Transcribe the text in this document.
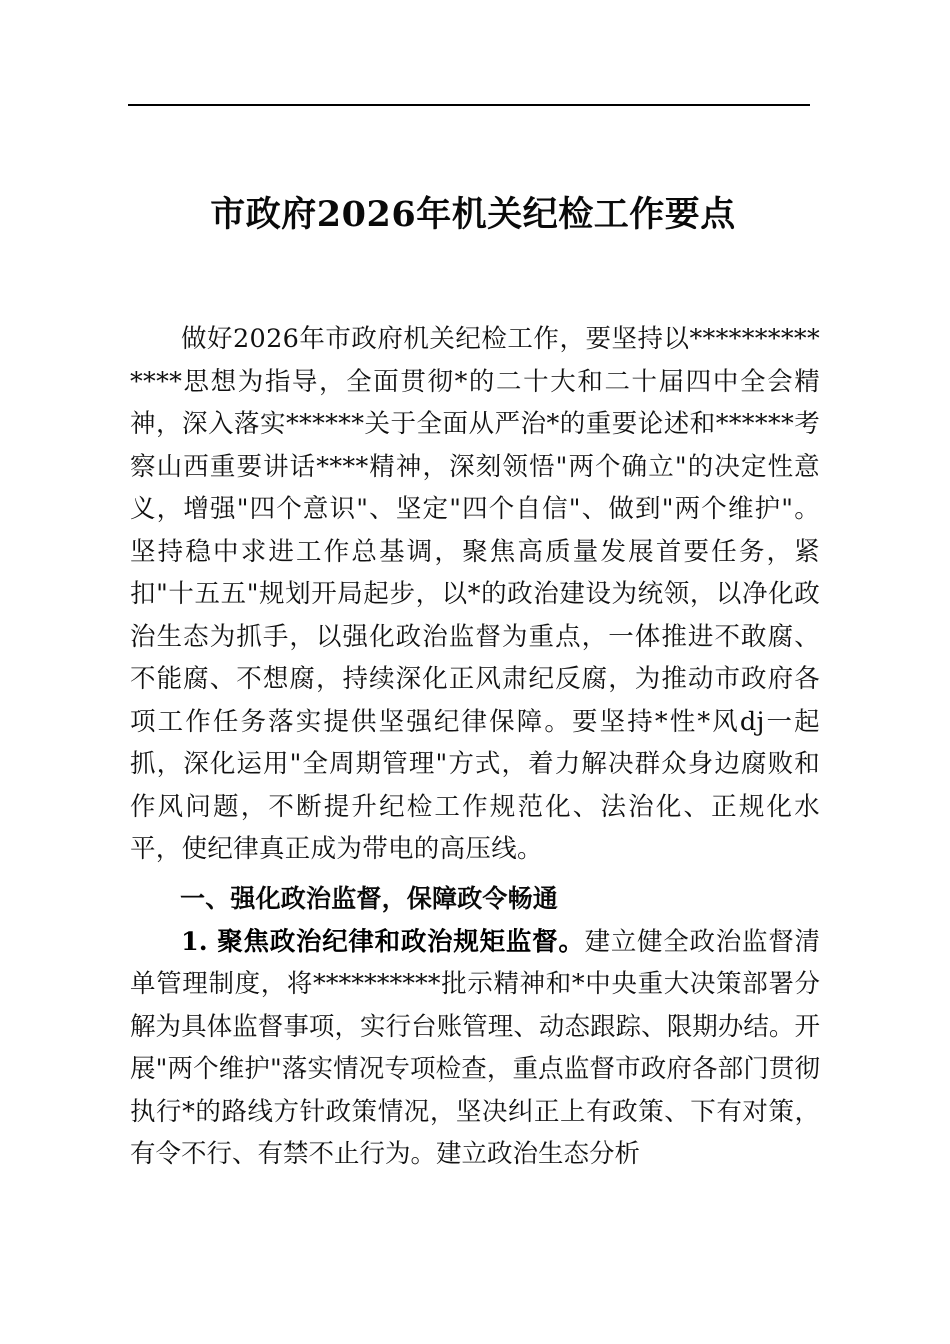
市政府2026年机关纪检工作要点

做好2026年市政府机关纪检工作，要坚持以**************思想为指导，全面贯彻*的二十大和二十届四中全会精神，深入落实******关于全面从严治*的重要论述和******考察山西重要讲话****精神，深刻领悟"两个确立"的决定性意义，增强"四个意识"、坚定"四个自信"、做到"两个维护"。坚持稳中求进工作总基调，聚焦高质量发展首要任务，紧扣"十五五"规划开局起步，以*的政治建设为统领，以净化政治生态为抓手，以强化政治监督为重点，一体推进不敢腐、不能腐、不想腐，持续深化正风肃纪反腐，为推动市政府各项工作任务落实提供坚强纪律保障。要坚持*性*风dj一起抓，深化运用"全周期管理"方式，着力解决群众身边腐败和作风问题，不断提升纪检工作规范化、法治化、正规化水平，使纪律真正成为带电的高压线。

一、强化政治监督，保障政令畅通

1. 聚焦政治纪律和政治规矩监督。建立健全政治监督清单管理制度，将**********批示精神和*中央重大决策部署分解为具体监督事项，实行台账管理、动态跟踪、限期办结。开展"两个维护"落实情况专项检查，重点监督市政府各部门贯彻执行*的路线方针政策情况，坚决纠正上有政策、下有对策，有令不行、有禁不止行为。建立政治生态分析
